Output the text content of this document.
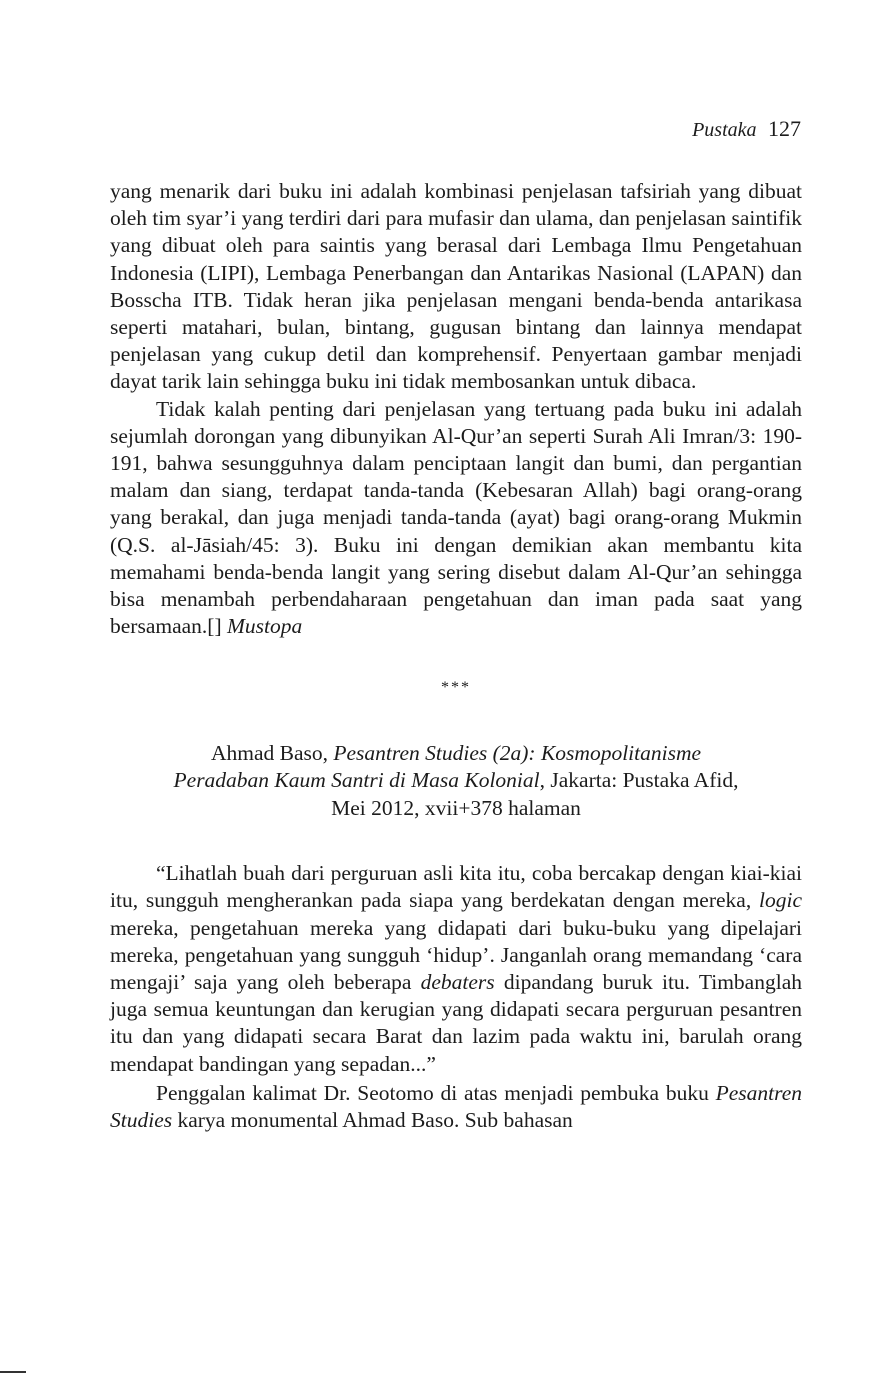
Pustaka 127

yang menarik dari buku ini adalah kombinasi penjelasan tafsiriah yang dibuat oleh tim syar’i yang terdiri dari para mufasir dan ulama, dan penjelasan saintifik yang dibuat oleh para saintis yang berasal dari Lembaga Ilmu Pengetahuan Indonesia (LIPI), Lembaga Penerbangan dan Antarikas Nasional (LAPAN) dan Bosscha ITB. Tidak heran jika penjelasan mengani benda-benda antarikasa seperti matahari, bulan, bintang, gugusan bintang dan lainnya mendapat penjelasan yang cukup detil dan komprehensif. Penyertaan gambar menjadi dayat tarik lain sehingga buku ini tidak membosankan untuk dibaca.

Tidak kalah penting dari penjelasan yang tertuang pada buku ini adalah sejumlah dorongan yang dibunyikan Al-Qur’an seperti Surah Ali Imran/3: 190-191, bahwa sesungguhnya dalam penciptaan langit dan bumi, dan pergantian malam dan siang, terdapat tanda-tanda (Kebesaran Allah) bagi orang-orang yang berakal, dan juga menjadi tanda-tanda (ayat) bagi orang-orang Mukmin (Q.S. al-Jāsiah/45: 3). Buku ini dengan demikian akan membantu kita memahami benda-benda langit yang sering disebut dalam Al-Qur’an sehingga bisa menambah perbendaharaan pengetahuan dan iman pada saat yang bersamaan.[] Mustopa

***
Ahmad Baso, Pesantren Studies (2a): Kosmopolitanisme
Peradaban Kaum Santri di Masa Kolonial, Jakarta: Pustaka Afid,
Mei 2012, xvii+378 halaman

“Lihatlah buah dari perguruan asli kita itu, coba bercakap dengan kiai-kiai itu, sungguh mengherankan pada siapa yang berdekatan dengan mereka, logic mereka, pengetahuan mereka yang didapati dari buku-buku yang dipelajari mereka, pengetahuan yang sungguh ‘hidup’. Janganlah orang memandang ‘cara mengaji’ saja yang oleh beberapa debaters dipandang buruk itu. Timbanglah juga semua keuntungan dan kerugian yang didapati secara perguruan pesantren itu dan yang didapati secara Barat dan lazim pada waktu ini, barulah orang mendapat bandingan yang sepadan...”

Penggalan kalimat Dr. Seotomo di atas menjadi pembuka buku Pesantren Studies karya monumental Ahmad Baso. Sub bahasan
